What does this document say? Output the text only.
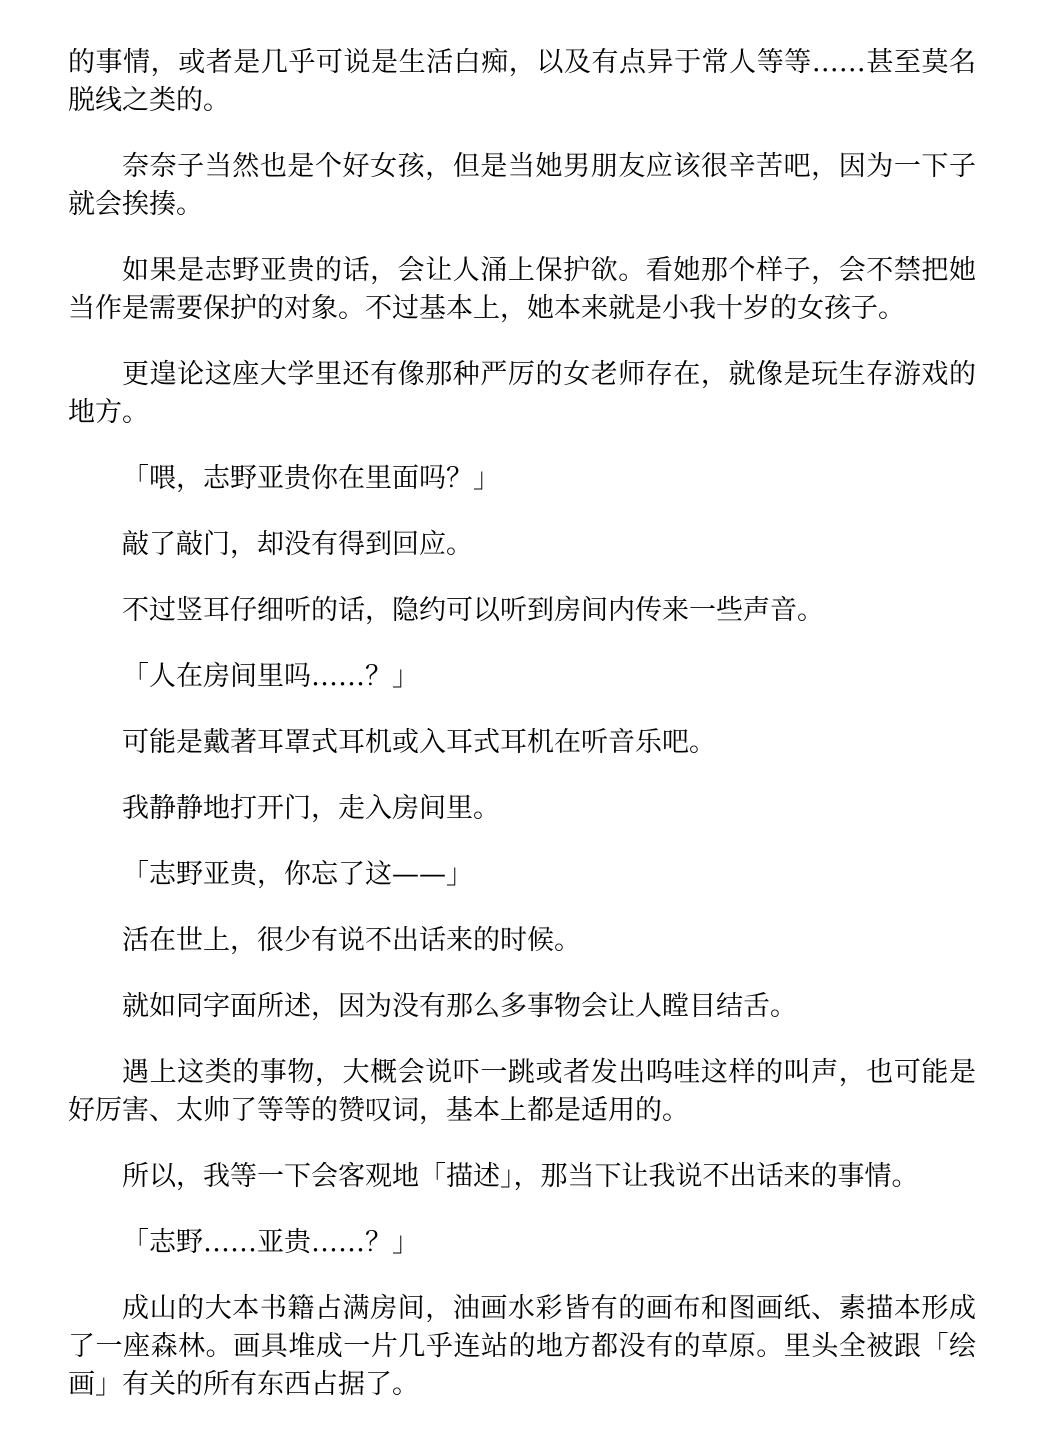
的事情，或者是几乎可说是生活白痴，以及有点异于常人等等……甚至莫名脱线之类的。

奈奈子当然也是个好女孩，但是当她男朋友应该很辛苦吧，因为一下子就会挨揍。

如果是志野亚贵的话，会让人涌上保护欲。看她那个样子，会不禁把她当作是需要保护的对象。不过基本上，她本来就是小我十岁的女孩子。

更遑论这座大学里还有像那种严厉的女老师存在，就像是玩生存游戏的地方。

「喂，志野亚贵你在里面吗？」

敲了敲门，却没有得到回应。

不过竖耳仔细听的话，隐约可以听到房间内传来一些声音。

「人在房间里吗……？」

可能是戴著耳罩式耳机或入耳式耳机在听音乐吧。

我静静地打开门，走入房间里。

「志野亚贵，你忘了这——」

活在世上，很少有说不出话来的时候。

就如同字面所述，因为没有那么多事物会让人瞠目结舌。

遇上这类的事物，大概会说吓一跳或者发出呜哇这样的叫声，也可能是好厉害、太帅了等等的赞叹词，基本上都是适用的。

所以，我等一下会客观地「描述」，那当下让我说不出话来的事情。

「志野……亚贵……？」

成山的大本书籍占满房间，油画水彩皆有的画布和图画纸、素描本形成了一座森林。画具堆成一片几乎连站的地方都没有的草原。里头全被跟「绘画」有关的所有东西占据了。
